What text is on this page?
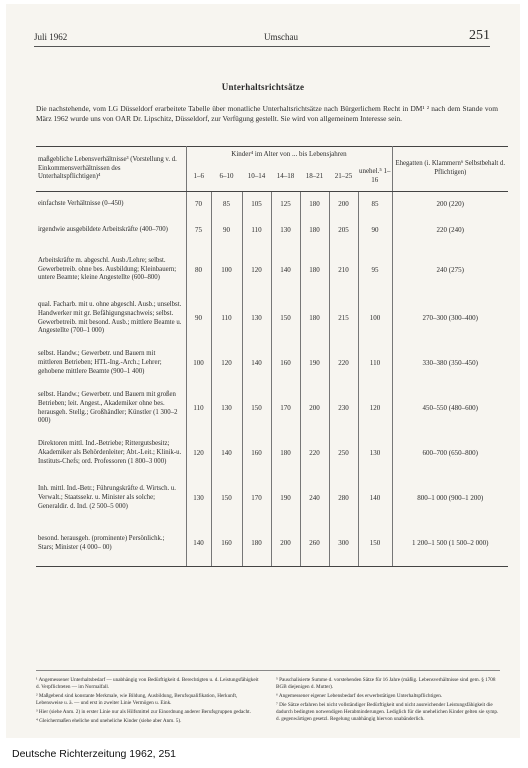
Juli 1962	Umschau	251
Unterhaltsrichtsätze
Die nachstehende, vom LG Düsseldorf erarbeitete Tabelle über monatliche Unterhaltsrichtsätze nach Bürgerlichem Recht in DM¹ ² nach dem Stande vom März 1962 wurde uns von OAR Dr. Lipschitz, Düsseldorf, zur Verfügung gestellt. Sie wird von allgemeinem Interesse sein.
maßgebliche Lebensverhältnisse³ (Vorstellung v. d. Einkommensverhältnissen des Unterhaltspflichtigen)⁴	Kinder⁴ im Alter von ... bis Lebensjahren							Ehegatten (i. Klammern⁶ Selbstbehalt d. Pflichtigen)
	1–6	6–10	10–14	14–18	18–21	21–25	unehel.⁵ 1–16	
einfachste Verhältnisse (0–450)	70	85	105	125	180	200	85	200 (220)
irgendwie ausgebildete Arbeitskräfte (400–700)	75	90	110	130	180	205	90	220 (240)
Arbeitskräfte m. abgeschl. Ausb./Lehre; selbst. Gewerbetreib. ohne bes. Ausbildung; Kleinbauern; untere Beamte; kleine Angestellte (600–800)	80	100	120	140	180	210	95	240 (275)
qual. Facharb. mit u. ohne abgeschl. Ausb.; unselbst. Handwerker mit gr. Befähigungsnachweis; selbst. Gewerbetreib. mit besond. Ausb.; mittlere Beamte u. Angestellte (700–1 000)	90	110	130	150	180	215	100	270–300 (300–400)
selbst. Handw.; Gewerbetr. und Bauern mit mittleren Betrieben; HTL-Ing.-Arch.; Lehrer; gehobene mittlere Beamte (900–1 400)	100	120	140	160	190	220	110	330–380 (350–450)
selbst. Handw.; Gewerbetr. und Bauern mit großen Betrieben; leit. Angest., Akademiker ohne bes. herausgeh. Stellg.; Großhändler; Künstler (1 300–2 000)	110	130	150	170	200	230	120	450–550 (480–600)
Direktoren mittl. Ind.-Betriebe; Rittergutsbesitz; Akademiker als Behördenleiter; Abt.-Leit.; Klinik-u. Instituts-Chefs; ord. Professoren (1 800–3 000)	120	140	160	180	220	250	130	600–700 (650–800)
Inh. mittl. Ind.-Betr.; Führungskräfte d. Wirtsch. u. Verwalt.; Staatssekr. u. Minister als solche; Generaldir. d. Ind. (2 500–5 000)	130	150	170	190	240	280	140	800–1 000 (900–1 200)
besond. herausgeh. (prominente) Persönlichk.; Stars; Minister (4 000– 00)	140	160	180	200	260	300	150	1 200–1 500 (1 500–2 000)

¹ Angemessener Unterhaltsbedarf — unabhängig von Bedürftigkeit d. Berechtigten u. d. Leistungsfähigkeit d. Verpflichteten — im Normalfall.

² Maßgebend sind konstante Merkmale, wie Bildung, Ausbildung, Berufsqualifikation, Herkunft, Lebensweise u. ä. — und erst in zweiter Linie Vermögen u. Eink.

³ Hier (siehe Anm. 2) in erster Linie nur als Hilfsmittel zur Einordnung anderer Berufsgruppen gedacht.

⁴ Gleichermaßen eheliche und uneheliche Kinder (siehe aber Anm. 5).

⁵ Pauschalisierte Summe d. vorstehenden Sätze für 16 Jahre (mäßig. Lebensverhältnisse sind gem. § 1708 BGB diejenigen d. Mutter).

⁶ Angemessener eigener Lebensbedarf des erwerbstätigen Unterhaltspflichtigen.

⁷ Die Sätze erfahren bei nicht vollständiger Bedürftigkeit und nicht ausreichender Leistungsfähigkeit die dadurch bedingten notwendigen Herabminderungen. Lediglich für die unehelichen Kinder gelten sie symp. d. gegenwärtigen gesetzl. Regelung unabhängig hiervon unabänderlich.

Deutsche Richterzeitung 1962, 251
